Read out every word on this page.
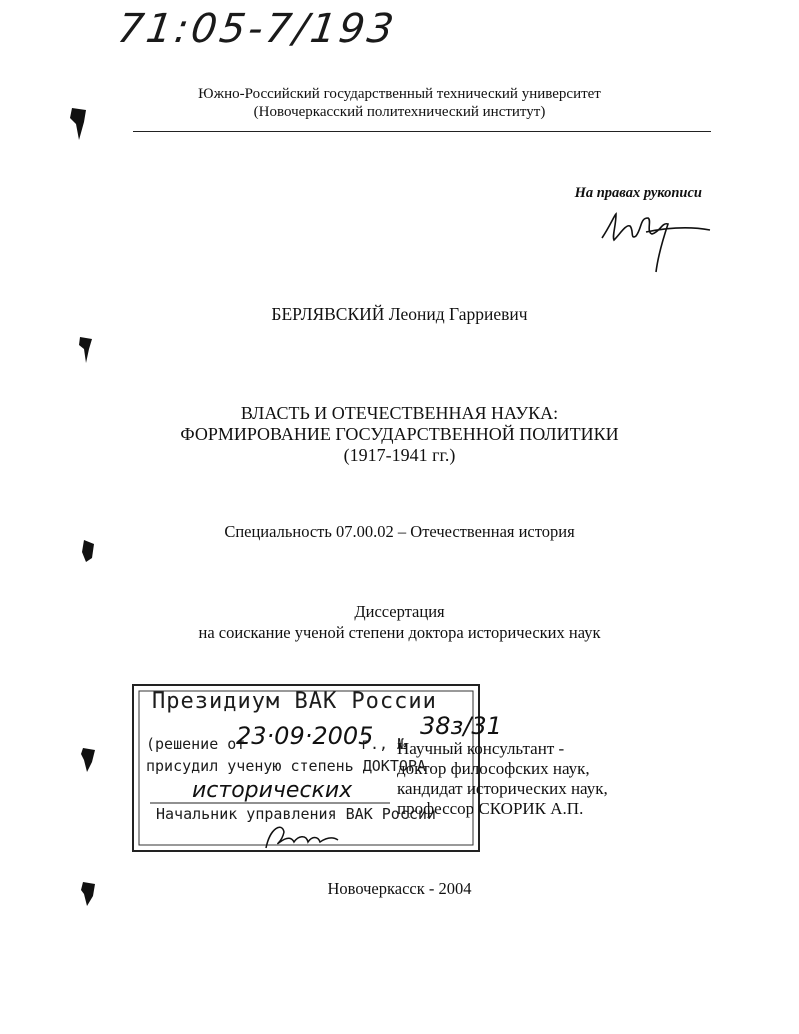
71:05-7/193
Южно-Российский государственный технический университет
(Новочеркасский политехнический институт)
На правах рукописи
БЕРЛЯВСКИЙ Леонид Гарриевич
ВЛАСТЬ И ОТЕЧЕСТВЕННАЯ НАУКА:
ФОРМИРОВАНИЕ ГОСУДАРСТВЕННОЙ ПОЛИТИКИ
(1917-1941 гг.)
Специальность 07.00.02 – Отечественная история
Диссертация
на соискание ученой степени доктора исторических наук
Президиум ВАК России
(решение от
23·09·2005
г., №
38з/31
присудил ученую степень ДОКТОРА
исторических
Начальник управления ВАК России
Научный консультант -
доктор философских наук,
кандидат исторических наук,
профессор СКОРИК А.П.
Новочеркасск - 2004
